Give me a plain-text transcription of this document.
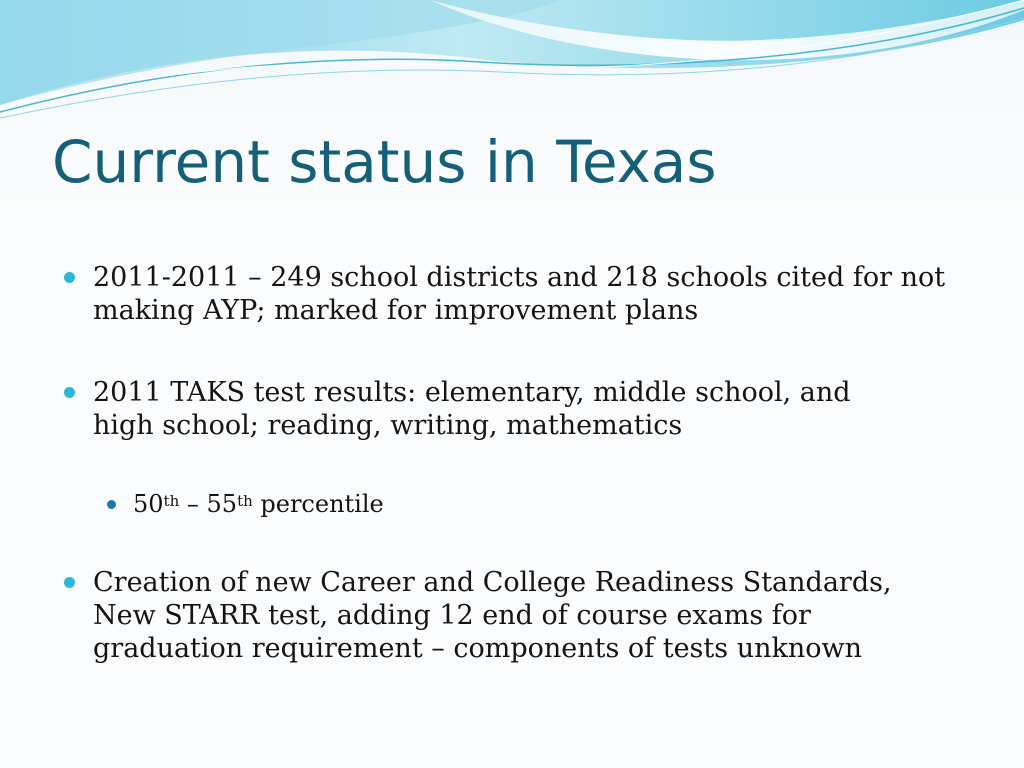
Current status in Texas
2011-2011 – 249 school districts and 218 schools cited for not
making AYP; marked for improvement plans
2011 TAKS test results: elementary, middle school, and
high school; reading, writing, mathematics
50th – 55th percentile
Creation of new Career and College Readiness Standards,
New STARR test, adding 12 end of course exams for
graduation requirement – components of tests unknown
